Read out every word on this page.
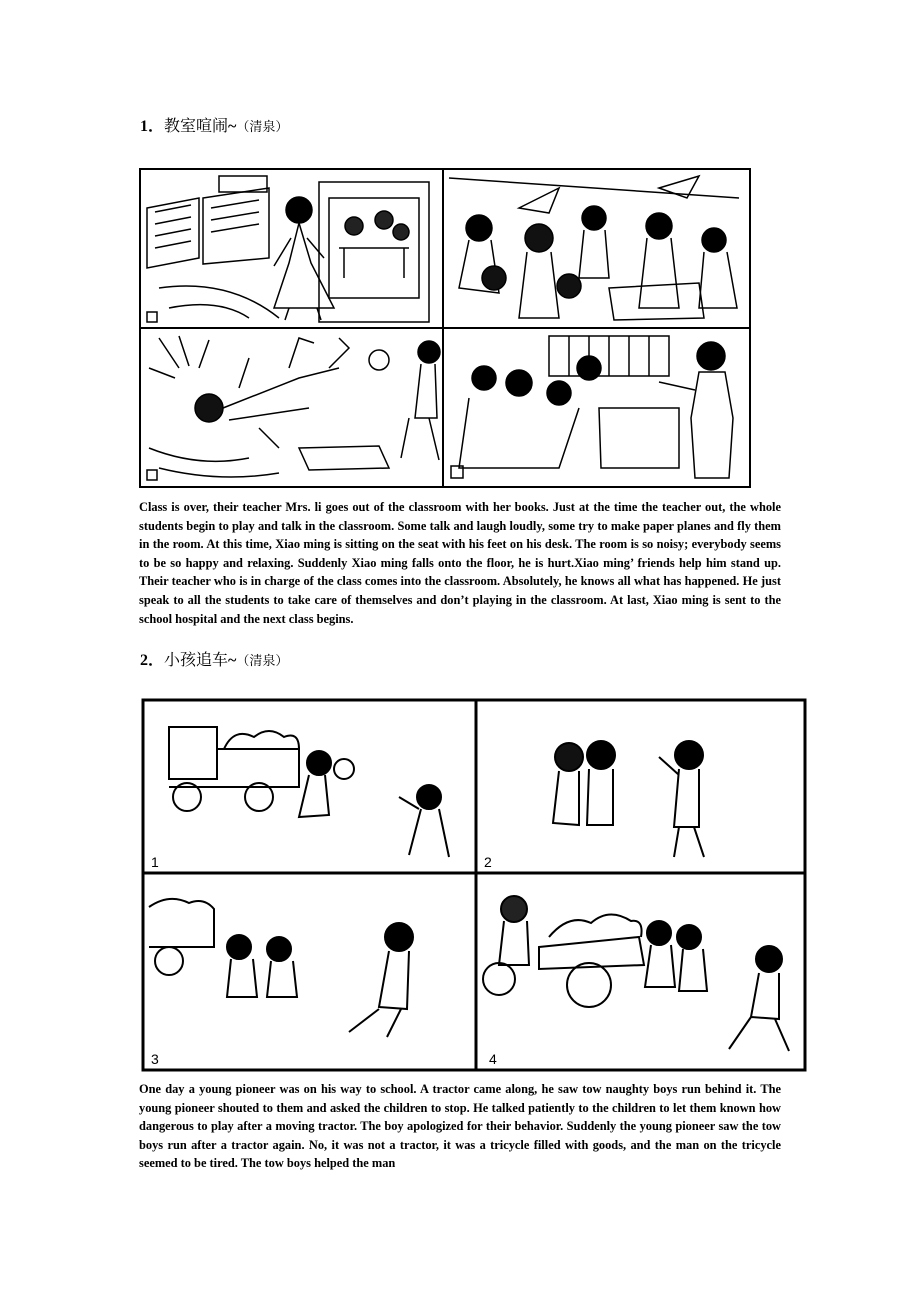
1．教室喧闹~（清泉）
Class is over, their teacher Mrs. li goes out of the classroom with her books. Just at the time the teacher out, the whole students begin to play and talk in the classroom. Some talk and laugh loudly, some try to make paper planes and fly them in the room. At this time, Xiao ming is sitting on the seat with his feet on his desk. The room is so noisy; everybody seems to be so happy and relaxing. Suddenly Xiao ming falls onto the floor, he is hurt.Xiao ming’ friends help him stand up. Their teacher who is in charge of the class comes into the classroom. Absolutely, he knows all what has happened. He just speak to all the students to take care of themselves and don’t playing in the classroom. At last, Xiao ming is sent to the school hospital and the next class begins.
2．小孩追车~（清泉）
1	2
3	4
One day a young pioneer was on his way to school. A tractor came along, he saw tow naughty boys run behind it. The young pioneer shouted to them and asked the children to stop. He talked patiently to the children to let them known how dangerous to play after a moving tractor. The boy apologized for their behavior. Suddenly the young pioneer saw the tow boys run after a tractor again. No, it was not a tractor, it was a tricycle filled with goods, and the man on the tricycle seemed to be tired. The tow boys helped the man
